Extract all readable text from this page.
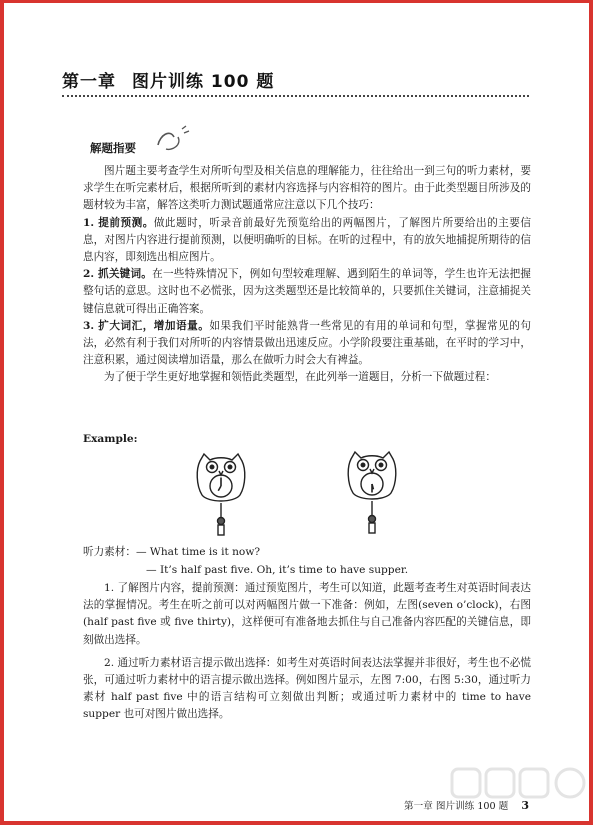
第一章 图片训练 100 题
解题指要

图片题主要考查学生对所听句型及相关信息的理解能力，往往给出一到三句的听力素材，要求学生在听完素材后，根据所听到的素材内容选择与内容相符的图片。由于此类型题目所涉及的题材较为丰富，解答这类听力测试题通常应注意以下几个技巧：

1. 提前预测。做此题时，听录音前最好先预览给出的两幅图片，了解图片所要给出的主要信息，对图片内容进行提前预测，以便明确听的目标。在听的过程中，有的放矢地捕捉所期待的信息内容，即刻选出相应图片。

2. 抓关键词。在一些特殊情况下，例如句型较难理解、遇到陌生的单词等，学生也许无法把握整句话的意思。这时也不必慌张，因为这类题型还是比较简单的，只要抓住关键词，注意捕捉关键信息就可得出正确答案。

3. 扩大词汇，增加语量。如果我们平时能熟背一些常见的有用的单词和句型，掌握常见的句法，必然有利于我们对所听的内容情景做出迅速反应。小学阶段要注重基础，在平时的学习中，注意积累，通过阅读增加语量，那么在做听力时会大有裨益。

为了便于学生更好地掌握和领悟此类题型，在此列举一道题目，分析一下做题过程：

Example:
听力素材：— What time is it now?
— It’s half past five. Oh, it’s time to have supper.

1. 了解图片内容，提前预测：通过预览图片，考生可以知道，此题考查考生对英语时间表达法的掌握情况。考生在听之前可以对两幅图片做一下准备：例如，左图(seven o’clock)，右图(half past five 或 five thirty)，这样便可有准备地去抓住与自己准备内容匹配的关键信息，即刻做出选择。

2. 通过听力素材语言提示做出选择：如考生对英语时间表达法掌握并非很好，考生也不必慌张，可通过听力素材中的语言提示做出选择。例如图片显示，左图 7:00，右图 5:30，通过听力素材 half past five 中的语言结构可立刻做出判断；或通过听力素材中的 time to have supper 也可对图片做出选择。

第一章 图片训练 100 题 3
